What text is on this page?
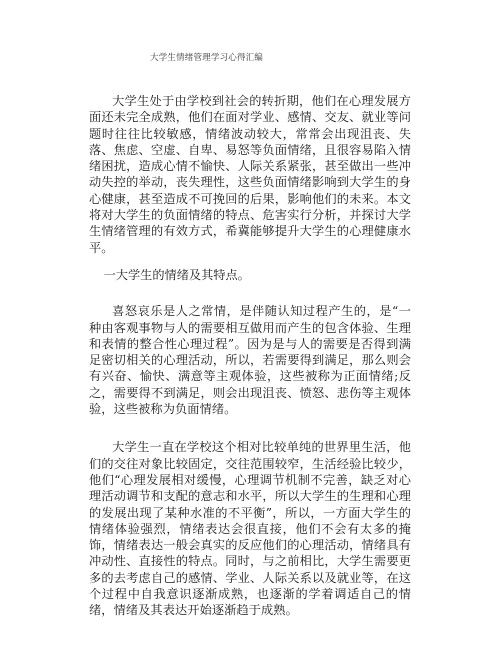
大学生情绪管理学习心得汇编

大学生处于由学校到社会的转折期，他们在心理发展方面还未完全成熟，他们在面对学业、感情、交友、就业等问题时往往比较敏感，情绪波动较大，常常会出现沮丧、失落、焦虑、空虚、自卑、易怒等负面情绪，且很容易陷入情绪困扰，造成心情不愉快、人际关系紧张，甚至做出一些冲动失控的举动，丧失理性，这些负面情绪影响到大学生的身心健康，甚至造成不可挽回的后果，影响他们的未来。本文将对大学生的负面情绪的特点、危害实行分析，并探讨大学生情绪管理的有效方式，希冀能够提升大学生的心理健康水平。

一大学生的情绪及其特点。

喜怒哀乐是人之常情，是伴随认知过程产生的，是“一种由客观事物与人的需要相互做用而产生的包含体验、生理和表情的整合性心理过程”。因为是与人的需要是否得到满足密切相关的心理活动，所以，若需要得到满足，那么则会有兴奋、愉快、满意等主观体验，这些被称为正面情绪;反之，需要得不到满足，则会出现沮丧、愤怒、悲伤等主观体验，这些被称为负面情绪。

大学生一直在学校这个相对比较单纯的世界里生活，他们的交往对象比较固定，交往范围较窄，生活经验比较少，他们“心理发展相对缓慢，心理调节机制不完善，缺乏对心理活动调节和支配的意志和水平，所以大学生的生理和心理的发展出现了某种水准的不平衡”，所以，一方面大学生的情绪体验强烈，情绪表达会很直接，他们不会有太多的掩饰，情绪表达一般会真实的反应他们的心理活动，情绪具有冲动性、直接性的特点。同时，与之前相比，大学生需要更多的去考虑自己的感情、学业、人际关系以及就业等，在这个过程中自我意识逐渐成熟，也逐渐的学着调适自己的情绪，情绪及其表达开始逐渐趋于成熟。
